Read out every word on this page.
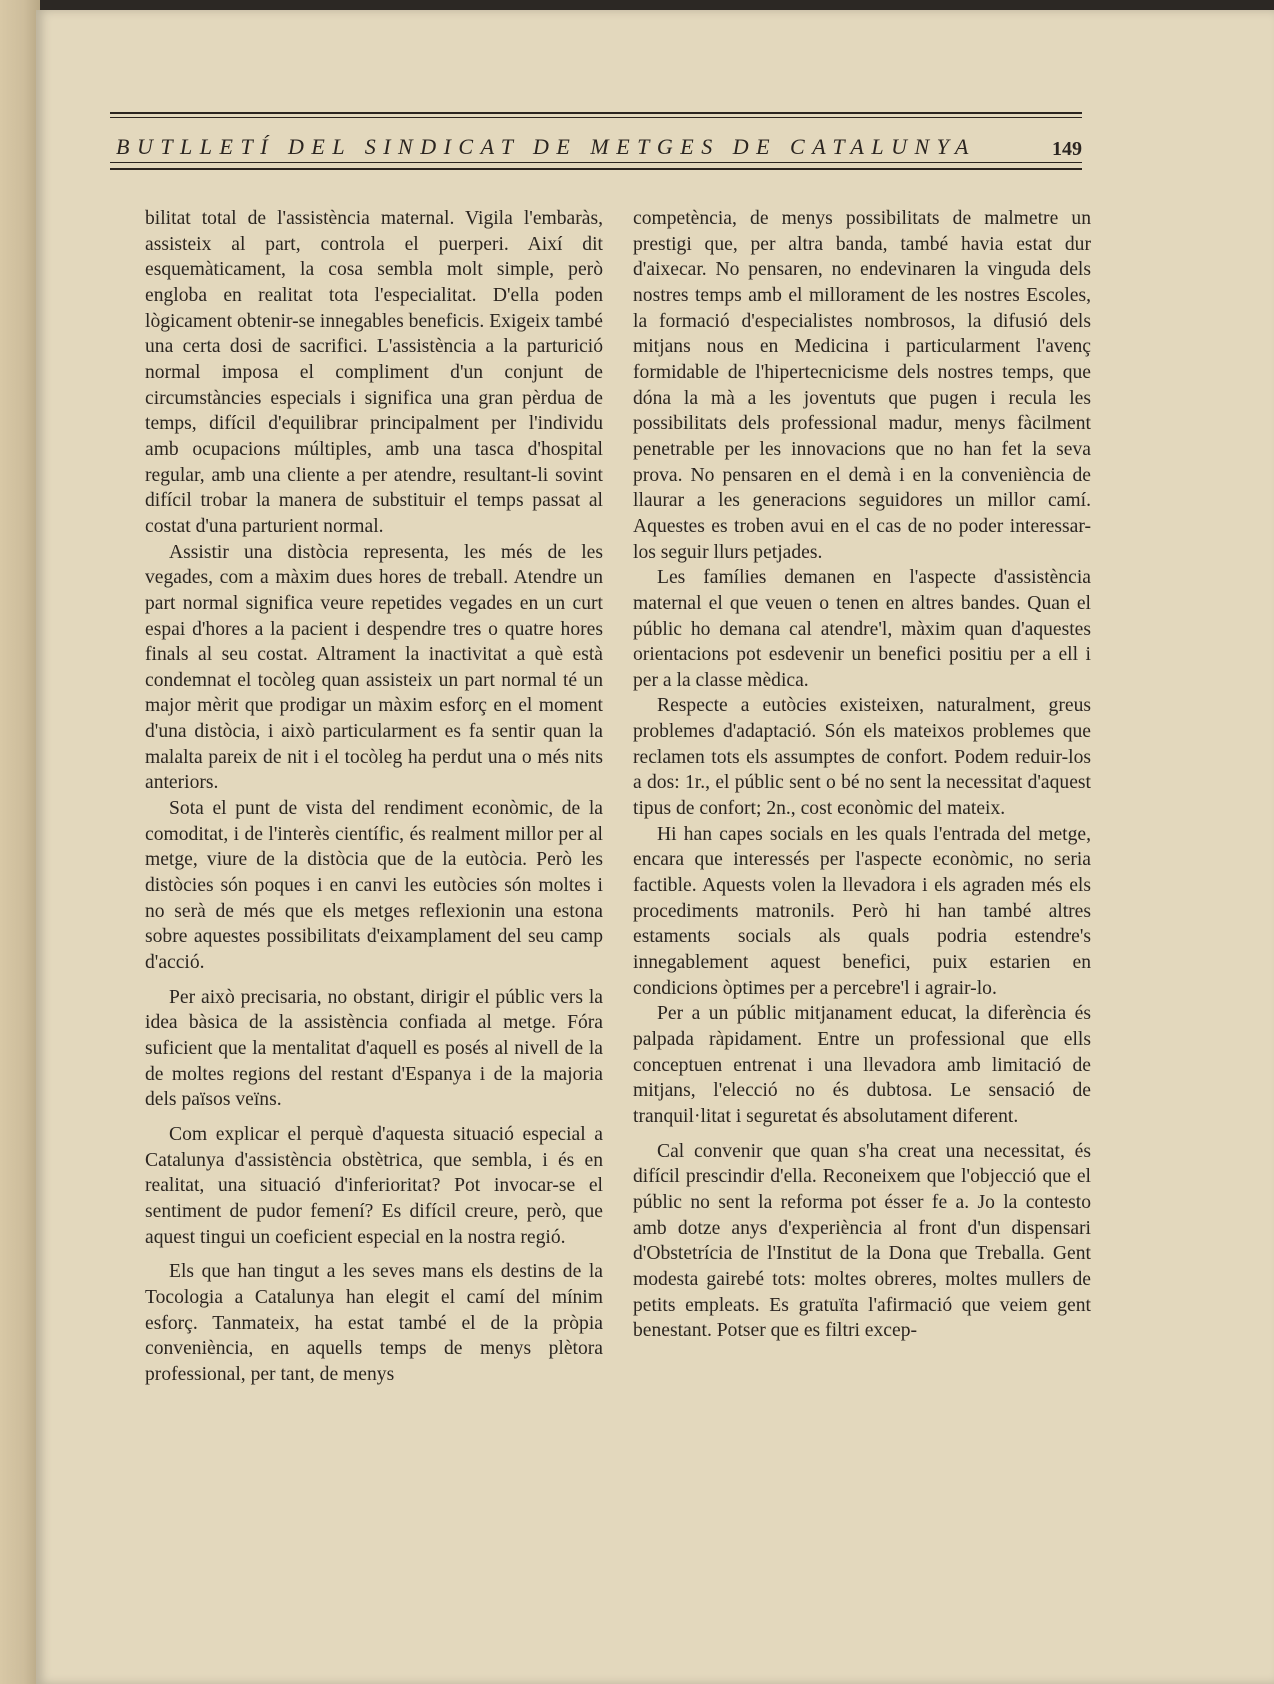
BUTLLETÍ DEL SINDICAT DE METGES DE CATALUNYA	149

bilitat total de l'assistència maternal. Vigila l'embaràs, assisteix al part, controla el puerperi. Així dit esquemàticament, la cosa sembla molt simple, però engloba en realitat tota l'especialitat. D'ella poden lògicament obtenir-se innegables beneficis. Exigeix també una certa dosi de sacrifici. L'assistència a la parturició normal imposa el compliment d'un conjunt de circumstàncies especials i significa una gran pèrdua de temps, difícil d'equilibrar principalment per l'individu amb ocupacions múltiples, amb una tasca d'hospital regular, amb una cliente a per atendre, resultant-li sovint difícil trobar la manera de substituir el temps passat al costat d'una parturient normal.

Assistir una distòcia representa, les més de les vegades, com a màxim dues hores de treball. Atendre un part normal significa veure repetides vegades en un curt espai d'hores a la pacient i despendre tres o quatre hores finals al seu costat. Altrament la inactivitat a què està condemnat el tocòleg quan assisteix un part normal té un major mèrit que prodigar un màxim esforç en el moment d'una distòcia, i això particularment es fa sentir quan la malalta pareix de nit i el tocòleg ha perdut una o més nits anteriors.

Sota el punt de vista del rendiment econòmic, de la comoditat, i de l'interès científic, és realment millor per al metge, viure de la distòcia que de la eutòcia. Però les distòcies són poques i en canvi les eutòcies són moltes i no serà de més que els metges reflexionin una estona sobre aquestes possibilitats d'eixamplament del seu camp d'acció.

Per això precisaria, no obstant, dirigir el públic vers la idea bàsica de la assistència confiada al metge. Fóra suficient que la mentalitat d'aquell es posés al nivell de la de moltes regions del restant d'Espanya i de la majoria dels països veïns.

Com explicar el perquè d'aquesta situació especial a Catalunya d'assistència obstètrica, que sembla, i és en realitat, una situació d'inferioritat? Pot invocar-se el sentiment de pudor femení? Es difícil creure, però, que aquest tingui un coeficient especial en la nostra regió.

Els que han tingut a les seves mans els destins de la Tocologia a Catalunya han elegit el camí del mínim esforç. Tanmateix, ha estat també el de la pròpia conveniència, en aquells temps de menys plètora professional, per tant, de menys

competència, de menys possibilitats de malmetre un prestigi que, per altra banda, també havia estat dur d'aixecar. No pensaren, no endevinaren la vinguda dels nostres temps amb el millorament de les nostres Escoles, la formació d'especialistes nombrosos, la difusió dels mitjans nous en Medicina i particularment l'avenç formidable de l'hipertecnicisme dels nostres temps, que dóna la mà a les joventuts que pugen i recula les possibilitats dels professional madur, menys fàcilment penetrable per les innovacions que no han fet la seva prova. No pensaren en el demà i en la conveniència de llaurar a les generacions seguidores un millor camí. Aquestes es troben avui en el cas de no poder interessar-los seguir llurs petjades.

Les famílies demanen en l'aspecte d'assistència maternal el que veuen o tenen en altres bandes. Quan el públic ho demana cal atendre'l, màxim quan d'aquestes orientacions pot esdevenir un benefici positiu per a ell i per a la classe mèdica.

Respecte a eutòcies existeixen, naturalment, greus problemes d'adaptació. Són els mateixos problemes que reclamen tots els assumptes de confort. Podem reduir-los a dos: 1r., el públic sent o bé no sent la necessitat d'aquest tipus de confort; 2n., cost econòmic del mateix.

Hi han capes socials en les quals l'entrada del metge, encara que interessés per l'aspecte econòmic, no seria factible. Aquests volen la llevadora i els agraden més els procediments matronils. Però hi han també altres estaments socials als quals podria estendre's innegablement aquest benefici, puix estarien en condicions òptimes per a percebre'l i agrair-lo.

Per a un públic mitjanament educat, la diferència és palpada ràpidament. Entre un professional que ells conceptuen entrenat i una llevadora amb limitació de mitjans, l'elecció no és dubtosa. Le sensació de tranquil·litat i seguretat és absolutament diferent.

Cal convenir que quan s'ha creat una necessitat, és difícil prescindir d'ella. Reconeixem que l'objecció que el públic no sent la reforma pot ésser fe a. Jo la contesto amb dotze anys d'experiència al front d'un dispensari d'Obstetrícia de l'Institut de la Dona que Treballa. Gent modesta gairebé tots: moltes obreres, moltes mullers de petits empleats. Es gratuïta l'afirmació que veiem gent benestant. Potser que es filtri excep-
